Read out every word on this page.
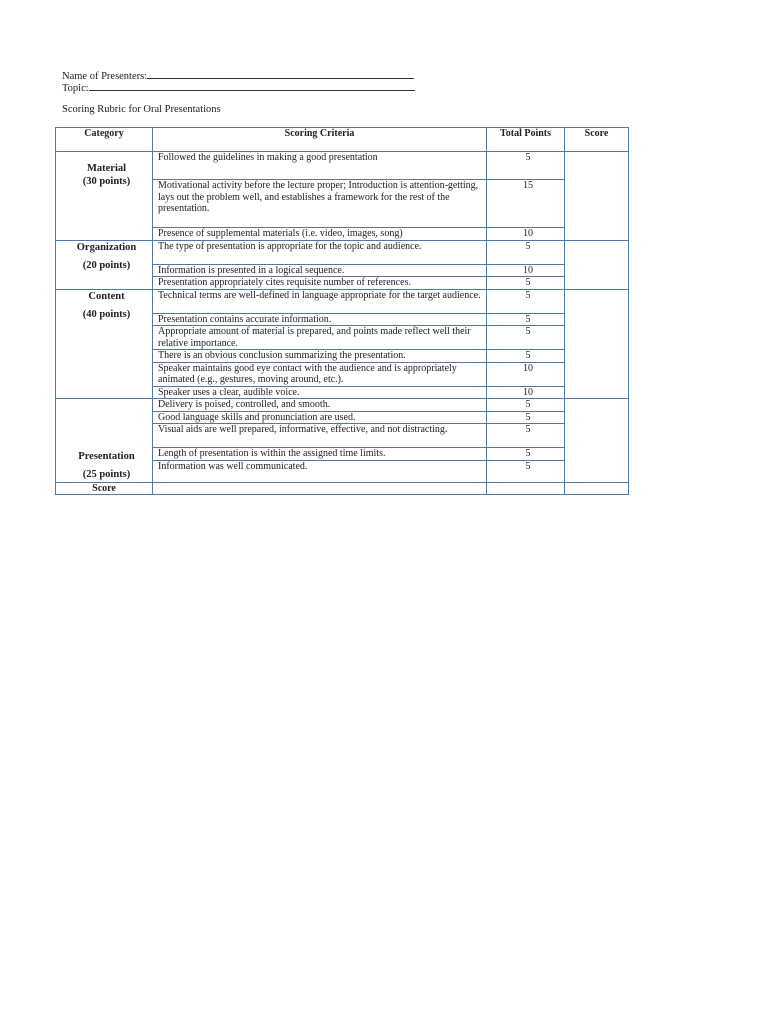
Name of Presenters:
Topic:
Scoring Rubric for Oral Presentations
Category	Scoring Criteria	Total Points	Score
Material
(30 points)	Followed the guidelines in making a good presentation	5	
	Motivational activity before the lecture proper; Introduction is attention-getting, lays out the problem well, and establishes a framework for the rest of the presentation.	15	
	Presence of supplemental materials (i.e. video, images, song)	10	
Organization

(20 points)	The type of presentation is appropriate for the topic and audience.	5	
	Information is presented in a logical sequence.	10	
	Presentation appropriately cites requisite number of references.	5	
Content

(40 points)	Technical terms are well-defined in language appropriate for the target audience.	5	
	Presentation contains accurate information.	5	
	Appropriate amount of material is prepared, and points made reflect well their relative importance.	5	
	There is an obvious conclusion summarizing the presentation.	5	
	Speaker maintains good eye contact with the audience and is appropriately animated (e.g., gestures, moving around, etc.).	10	
	Speaker uses a clear, audible voice.	10	
Presentation

(25 points)	Delivery is poised, controlled, and smooth.	5	
	Good language skills and pronunciation are used.	5	
	Visual aids are well prepared, informative, effective, and not distracting.	5	
	Length of presentation is within the assigned time limits.	5	
	Information was well communicated.	5	
Score			
